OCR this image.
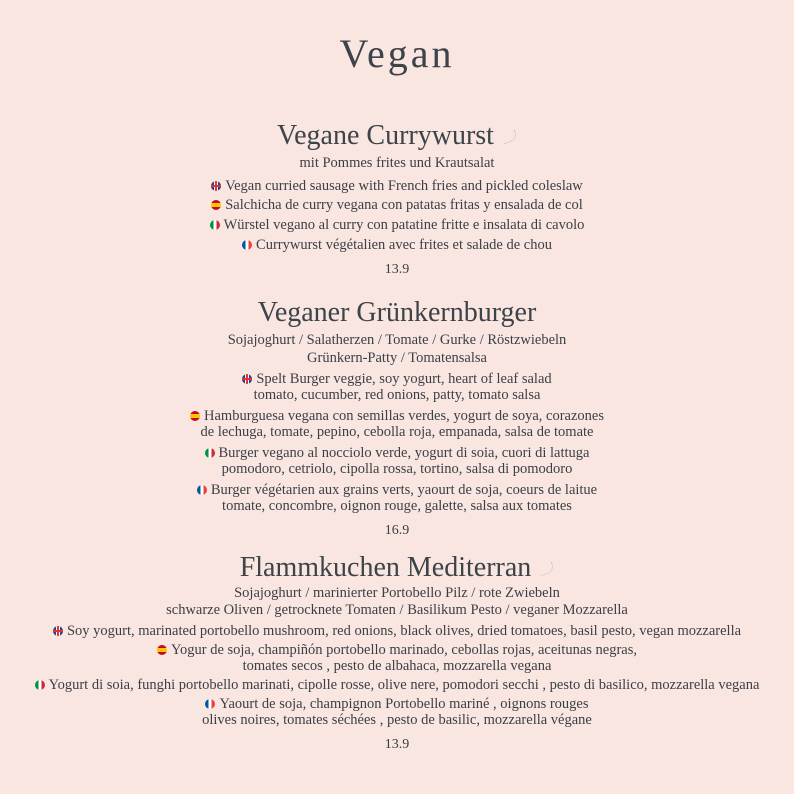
Vegan
Vegane Currywurst
mit Pommes frites und Krautsalat
Vegan curried sausage with French fries and pickled coleslaw
Salchicha de curry vegana con patatas fritas y ensalada de col
Würstel vegano al curry con patatine fritte e insalata di cavolo
Currywurst végétalien avec frites et salade de chou
13.9
Veganer Grünkernburger
Sojajoghurt / Salatherzen / Tomate / Gurke / Röstzwiebeln
Grünkern-Patty / Tomatensalsa
Spelt Burger veggie, soy yogurt, heart of leaf salad
tomato, cucumber, red onions, patty, tomato salsa
Hamburguesa vegana con semillas verdes, yogurt de soya, corazones
de lechuga, tomate, pepino, cebolla roja, empanada, salsa de tomate
Burger vegano al nocciolo verde, yogurt di soia, cuori di lattuga
pomodoro, cetriolo, cipolla rossa, tortino, salsa di pomodoro
Burger végétarien aux grains verts, yaourt de soja, coeurs de laitue
tomate, concombre, oignon rouge, galette, salsa aux tomates
16.9
Flammkuchen Mediterran
Sojajoghurt / marinierter Portobello Pilz / rote Zwiebeln
schwarze Oliven / getrocknete Tomaten / Basilikum Pesto / veganer Mozzarella
Soy yogurt, marinated portobello mushroom, red onions, black olives, dried tomatoes, basil pesto, vegan mozzarella
Yogur de soja, champiñón portobello marinado, cebollas rojas, aceitunas negras,
tomates secos , pesto de albahaca, mozzarella vegana
Yogurt di soia, funghi portobello marinati, cipolle rosse, olive nere, pomodori secchi , pesto di basilico, mozzarella vegana
Yaourt de soja, champignon Portobello mariné , oignons rouges
olives noires, tomates séchées , pesto de basilic, mozzarella végane
13.9
